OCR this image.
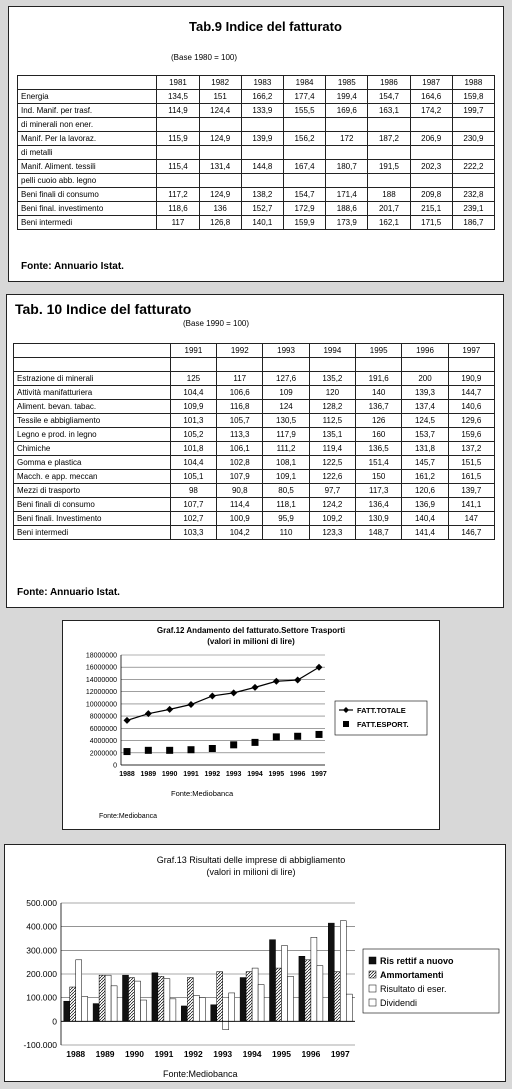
Tab.9 Indice del fatturato
(Base 1980 = 100)
	1981	1982	1983	1984	1985	1986	1987	1988
Energia	134,5	151	166,2	177,4	199,4	154,7	164,6	159,8
Ind. Manif. per trasf.	114,9	124,4	133,9	155,5	169,6	163,1	174,2	199,7
di minerali non ener.								
Manif. Per la lavoraz.	115,9	124,9	139,9	156,2	172	187,2	206,9	230,9
di metalli								
Manif. Aliment. tessili	115,4	131,4	144,8	167,4	180,7	191,5	202,3	222,2
pelli cuoio abb. legno								
Beni finali di consumo	117,2	124,9	138,2	154,7	171,4	188	209,8	232,8
Beni final. investimento	118,6	136	152,7	172,9	188,6	201,7	215,1	239,1
Beni intermedi	117	126,8	140,1	159,9	173,9	162,1	171,5	186,7
Fonte: Annuario Istat.
Tab. 10 Indice del fatturato
(Base 1990 = 100)
	1991	1992	1993	1994	1995	1996	1997

Estrazione di minerali	125	117	127,6	135,2	191,6	200	190,9
Attività manifatturiera	104,4	106,6	109	120	140	139,3	144,7
Aliment. bevan. tabac.	109,9	116,8	124	128,2	136,7	137,4	140,6
Tessile e abbigliamento	101,3	105,7	130,5	112,5	126	124,5	129,6
Legno e prod. in legno	105,2	113,3	117,9	135,1	160	153,7	159,6
Chimiche	101,8	106,1	111,2	119,4	136,5	131,8	137,2
Gomma e plastica	104,4	102,8	108,1	122,5	151,4	145,7	151,5
Macch. e app. meccan	105,1	107,9	109,1	122,6	150	161,2	161,5
Mezzi di trasporto	98	90,8	80,5	97,7	117,3	120,6	139,7
Beni finali di consumo	107,7	114,4	118,1	124,2	136,4	136,9	141,1
Beni finali. Investimento	102,7	100,9	95,9	109,2	130,9	140,4	147
Beni intermedi	103,3	104,2	110	123,3	148,7	141,4	146,7
Fonte: Annuario Istat.
Graf.12 Andamento del fatturato.Settore Trasporti
(valori in milioni di lire)
0
2000000
4000000
6000000
8000000
10000000
12000000
14000000
16000000
18000000
1988 1989 1990 1991 1992 1993 1994 1995 1996 1997
FATT.TOTALE
FATT.ESPORT.
Fonte:Mediobanca
Fonte:Mediobanca
Graf.13 Risultati delle imprese di abbigliamento
(valori in milioni di lire)
-100.000
0
100.000
200.000
300.000
400.000
500.000
1988 1989 1990 1991 1992 1993 1994 1995 1996 1997
Ris rettif a nuovo
Ammortamenti
Risultato di eser.
Dividendi
Fonte:Mediobanca
